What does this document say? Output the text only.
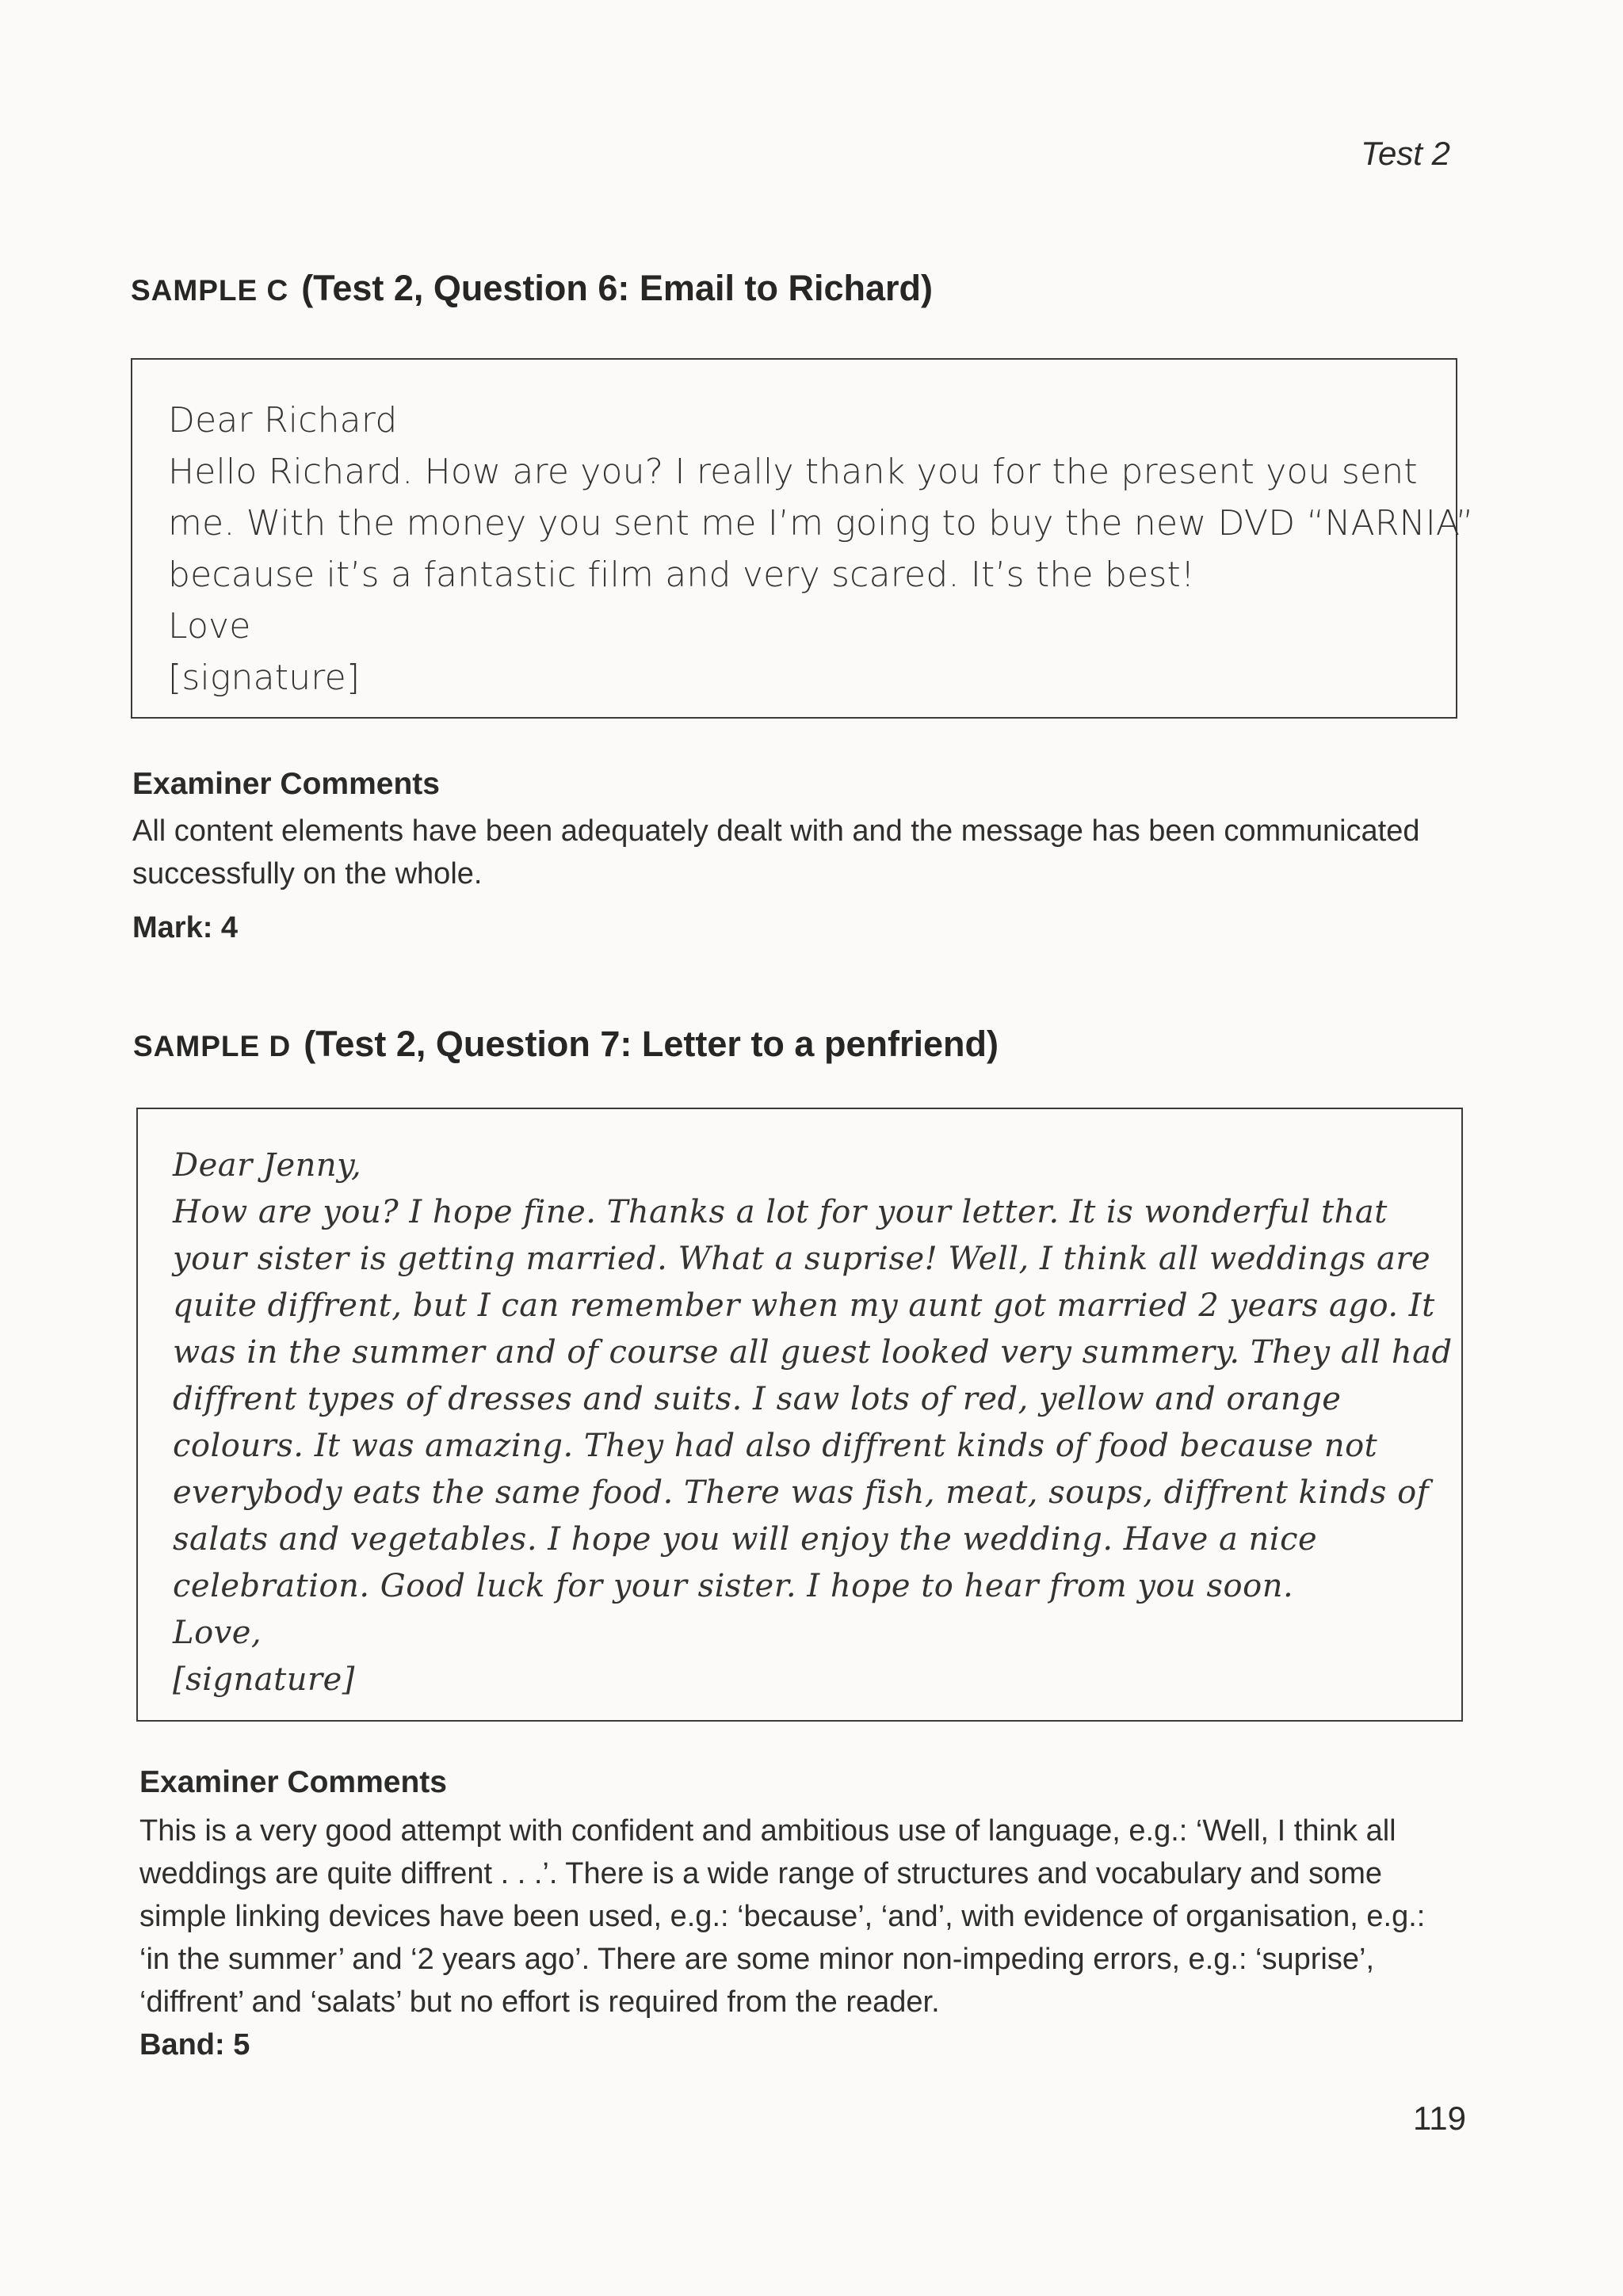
Test 2
SAMPLE C (Test 2, Question 6: Email to Richard)
Dear Richard
Hello Richard. How are you? I really thank you for the present you sent
me. With the money you sent me I’m going to buy the new DVD “NARNIA”
because it’s a fantastic film and very scared. It’s the best!
Love
[signature]
Examiner Comments
All content elements have been adequately dealt with and the message has been communicated
successfully on the whole.
Mark: 4
SAMPLE D (Test 2, Question 7: Letter to a penfriend)
Dear Jenny,
How are you? I hope fine. Thanks a lot for your letter. It is wonderful that
your sister is getting married. What a suprise! Well, I think all weddings are
quite diffrent, but I can remember when my aunt got married 2 years ago. It
was in the summer and of course all guest looked very summery. They all had
diffrent types of dresses and suits. I saw lots of red, yellow and orange
colours. It was amazing. They had also diffrent kinds of food because not
everybody eats the same food. There was fish, meat, soups, diffrent kinds of
salats and vegetables. I hope you will enjoy the wedding. Have a nice
celebration. Good luck for your sister. I hope to hear from you soon.
Love,
[signature]
Examiner Comments
This is a very good attempt with confident and ambitious use of language, e.g.: ‘Well, I think all
weddings are quite diffrent . . .’. There is a wide range of structures and vocabulary and some
simple linking devices have been used, e.g.: ‘because’, ‘and’, with evidence of organisation, e.g.:
‘in the summer’ and ‘2 years ago’. There are some minor non-impeding errors, e.g.: ‘suprise’,
‘diffrent’ and ‘salats’ but no effort is required from the reader.
Band: 5
119
